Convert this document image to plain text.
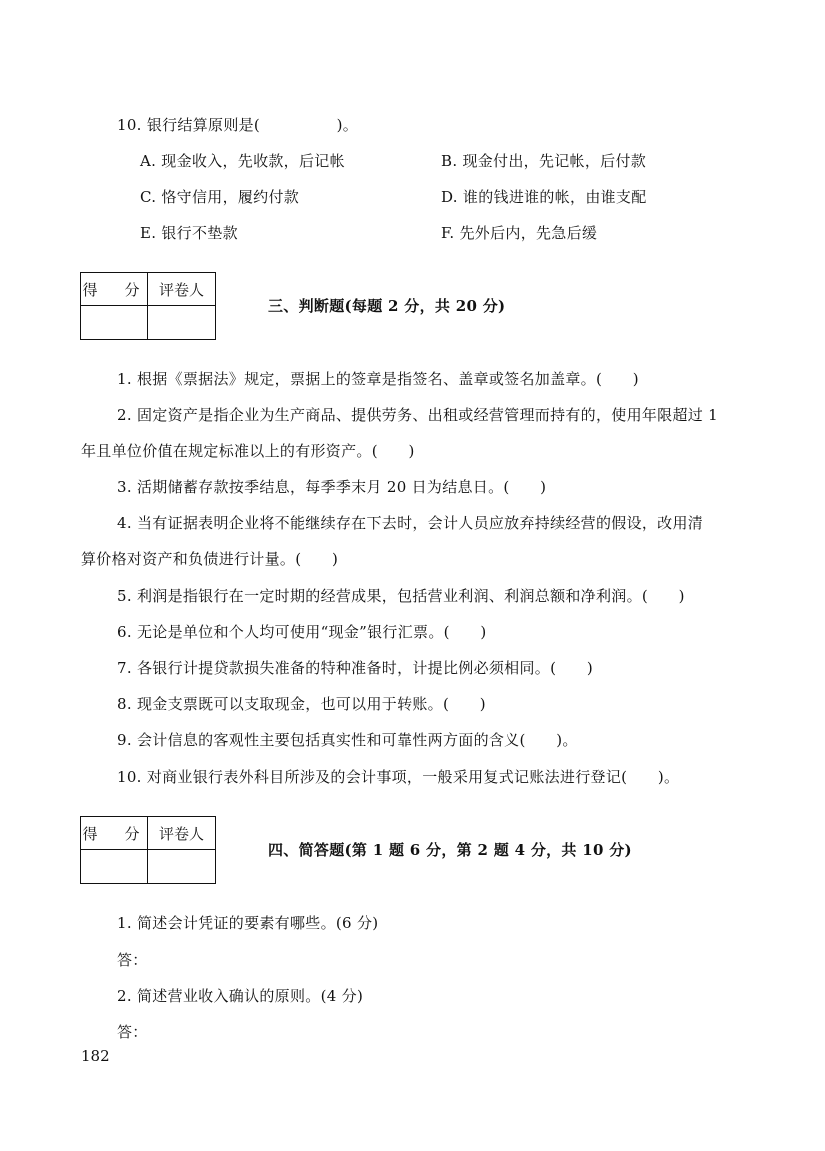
10. 银行结算原则是(　　　　　)。
A. 现金收入，先收款，后记帐	B. 现金付出，先记帐，后付款
C. 恪守信用，履约付款	D. 谁的钱进谁的帐，由谁支配
E. 银行不垫款	F. 先外后内，先急后缓
得　分 评卷人
三、判断题(每题 2 分，共 20 分)
1. 根据《票据法》规定，票据上的签章是指签名、盖章或签名加盖章。(　　)
2. 固定资产是指企业为生产商品、提供劳务、出租或经营管理而持有的，使用年限超过 1
年且单位价值在规定标准以上的有形资产。(　　)
3. 活期储蓄存款按季结息，每季季末月 20 日为结息日。(　　)
4. 当有证据表明企业将不能继续存在下去时，会计人员应放弃持续经营的假设，改用清
算价格对资产和负债进行计量。(　　)
5. 利润是指银行在一定时期的经营成果，包括营业利润、利润总额和净利润。(　　)
6. 无论是单位和个人均可使用“现金”银行汇票。(　　)
7. 各银行计提贷款损失准备的特种准备时，计提比例必须相同。(　　)
8. 现金支票既可以支取现金，也可以用于转账。(　　)
9. 会计信息的客观性主要包括真实性和可靠性两方面的含义(　　)。
10. 对商业银行表外科目所涉及的会计事项，一般采用复式记账法进行登记(　　)。
得　分 评卷人
四、简答题(第 1 题 6 分，第 2 题 4 分，共 10 分)
1. 简述会计凭证的要素有哪些。(6 分)
答：
2. 简述营业收入确认的原则。(4 分)
答：
182
